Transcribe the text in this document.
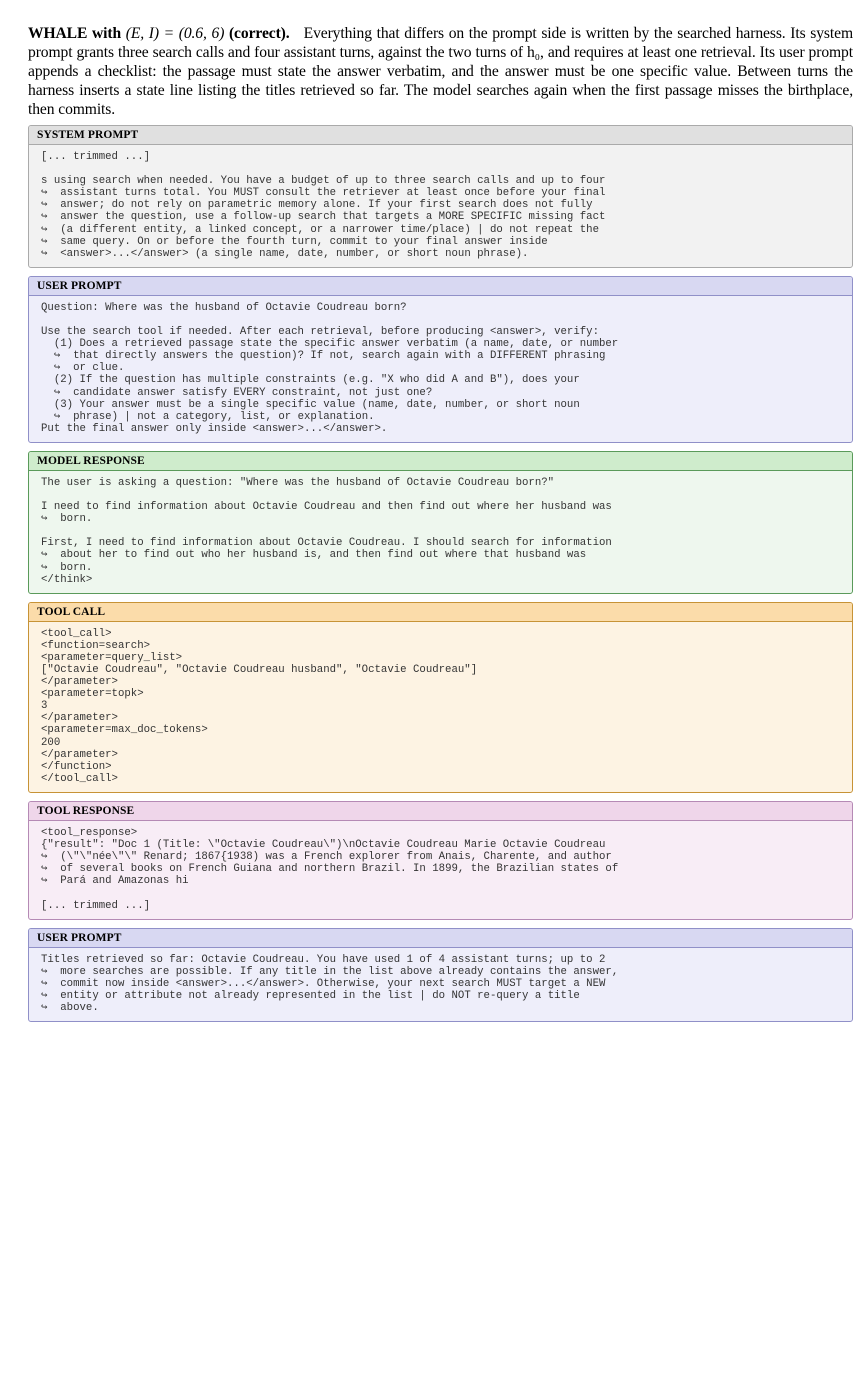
WHALE with (E, I) = (0.6, 6) (correct). Everything that differs on the prompt side is written by the searched harness. Its system prompt grants three search calls and four assistant turns, against the two turns of h₀, and requires at least one retrieval. Its user prompt appends a checklist: the passage must state the answer verbatim, and the answer must be one specific value. Between turns the harness inserts a state line listing the titles retrieved so far. The model searches again when the first passage misses the birthplace, then commits.

SYSTEM PROMPT
[... trimmed ...]

s using search when needed. You have a budget of up to three search calls and up to four
↪  assistant turns total. You MUST consult the retriever at least once before your final
↪  answer; do not rely on parametric memory alone. If your first search does not fully
↪  answer the question, use a follow-up search that targets a MORE SPECIFIC missing fact
↪  (a different entity, a linked concept, or a narrower time/place) | do not repeat the
↪  same query. On or before the fourth turn, commit to your final answer inside
↪  <answer>...</answer> (a single name, date, number, or short noun phrase).
USER PROMPT
Question: Where was the husband of Octavie Coudreau born?

Use the search tool if needed. After each retrieval, before producing <answer>, verify:
(1) Does a retrieved passage state the specific answer verbatim (a name, date, or number
↪  that directly answers the question)? If not, search again with a DIFFERENT phrasing
↪  or clue.
(2) If the question has multiple constraints (e.g. "X who did A and B"), does your
↪  candidate answer satisfy EVERY constraint, not just one?
(3) Your answer must be a single specific value (name, date, number, or short noun
↪  phrase) | not a category, list, or explanation.
Put the final answer only inside <answer>...</answer>.
MODEL RESPONSE
The user is asking a question: "Where was the husband of Octavie Coudreau born?"

I need to find information about Octavie Coudreau and then find out where her husband was
↪  born.

First, I need to find information about Octavie Coudreau. I should search for information
↪  about her to find out who her husband is, and then find out where that husband was
↪  born.
</think>
TOOL CALL
<tool_call>
<function=search>
<parameter=query_list>
["Octavie Coudreau", "Octavie Coudreau husband", "Octavie Coudreau"]
</parameter>
<parameter=topk>
3
</parameter>
<parameter=max_doc_tokens>
200
</parameter>
</function>
</tool_call>
TOOL RESPONSE
<tool_response>
{"result": "Doc 1 (Title: \"Octavie Coudreau\")\nOctavie Coudreau Marie Octavie Coudreau
↪  (\"\"née\"\" Renard; 1867{1938) was a French explorer from Anais, Charente, and author
↪  of several books on French Guiana and northern Brazil. In 1899, the Brazilian states of
↪  Pará and Amazonas hi

[... trimmed ...]
USER PROMPT
Titles retrieved so far: Octavie Coudreau. You have used 1 of 4 assistant turns; up to 2
↪  more searches are possible. If any title in the list above already contains the answer,
↪  commit now inside <answer>...</answer>. Otherwise, your next search MUST target a NEW
↪  entity or attribute not already represented in the list | do NOT re-query a title
↪  above.
